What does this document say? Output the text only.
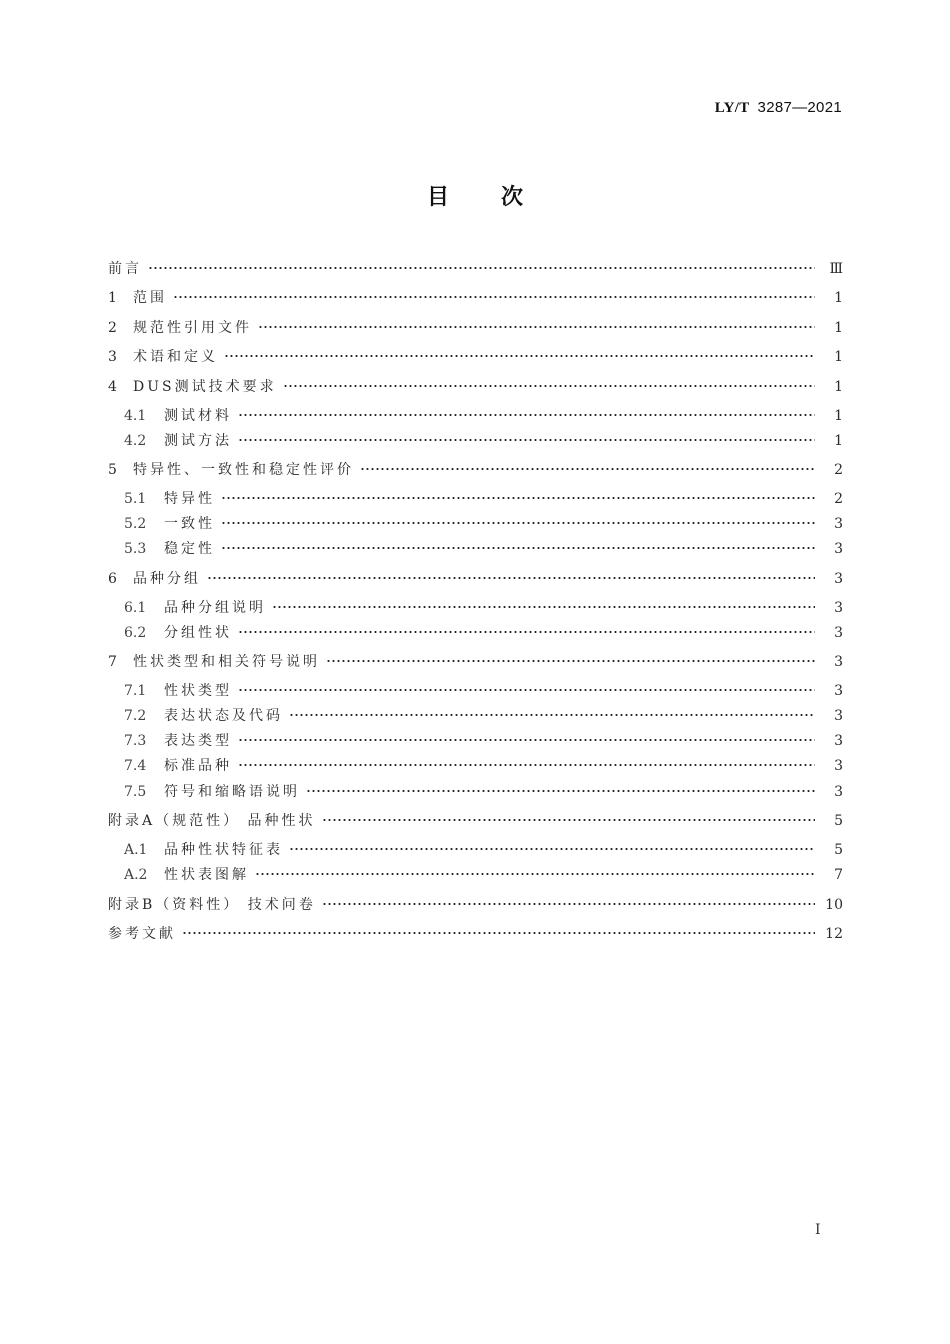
LY/T 3287—2021
目 次
前言	Ⅲ
1	范围	1
2	规范性引用文件	1
3	术语和定义	1
4	DUS测试技术要求	1
4.1	测试材料	1
4.2	测试方法	1
5	特异性、一致性和稳定性评价	2
5.1	特异性	2
5.2	一致性	3
5.3	稳定性	3
6	品种分组	3
6.1	品种分组说明	3
6.2	分组性状	3
7	性状类型和相关符号说明	3
7.1	性状类型	3
7.2	表达状态及代码	3
7.3	表达类型	3
7.4	标准品种	3
7.5	符号和缩略语说明	3
附录A（规范性） 品种性状	5
A.1	品种性状特征表	5
A.2	性状表图解	7
附录B（资料性） 技术问卷	10
参考文献	12
I
